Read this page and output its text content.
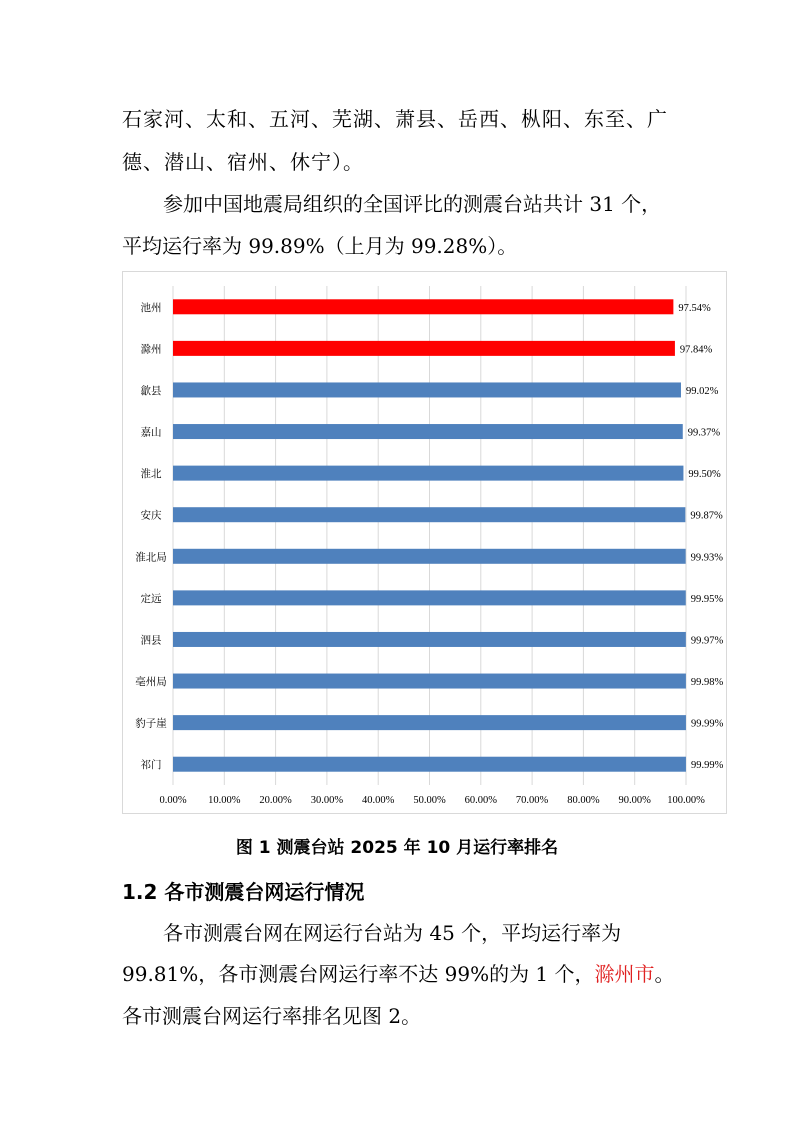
石家河、太和、五河、芜湖、萧县、岳西、枞阳、东至、广
德、潜山、宿州、休宁）。
参加中国地震局组织的全国评比的测震台站共计 31 个，
平均运行率为 99.89%（上月为 99.28%）。
0.00% 10.00% 20.00% 30.00% 40.00% 50.00% 60.00% 70.00% 80.00% 90.00% 100.00%
池州	97.54%
滁州	97.84%
歙县	99.02%
嘉山	99.37%
淮北	99.50%
安庆	99.87%
淮北局	99.93%
定远	99.95%
泗县	99.97%
亳州局	99.98%
豹子崖	99.99%
祁门	99.99%
图 1 测震台站 2025 年 10 月运行率排名
1.2 各市测震台网运行情况
各市测震台网在网运行台站为 45 个，平均运行率为
99.81%，各市测震台网运行率不达 99%的为 1 个，滁州市。
各市测震台网运行率排名见图 2。
